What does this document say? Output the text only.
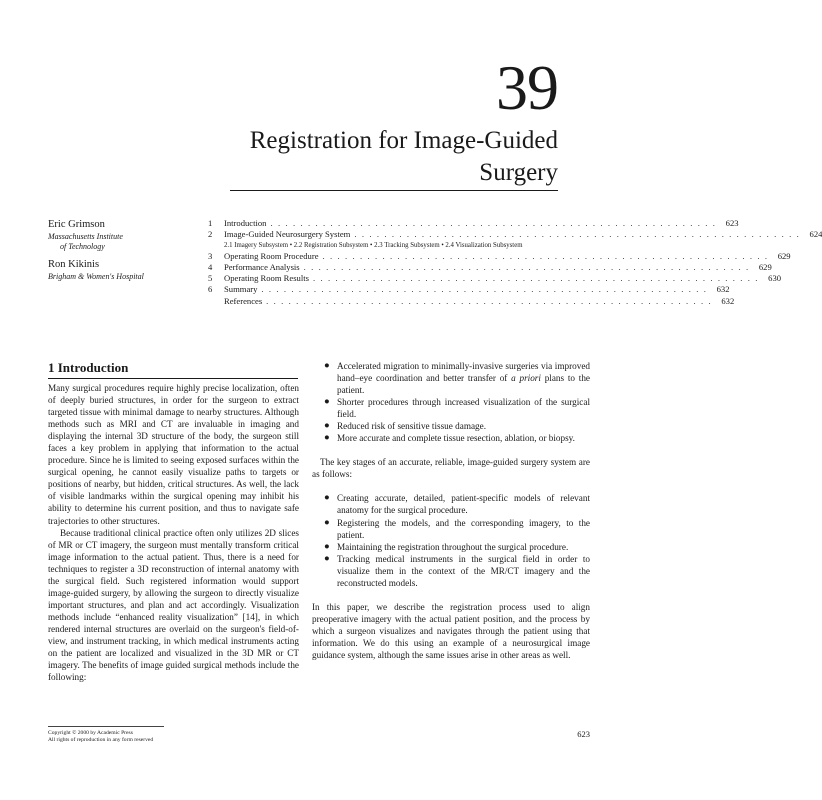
39
Registration for Image-Guided
Surgery
Eric Grimson
Massachusetts Institute
of Technology
Ron Kikinis
Brigham & Women's Hospital
1	Introduction . . . . . . . . . . . . . . . . . . . . . . . . . . . . . . . . . . . . . . . . . . . . . . . . . . . . . . . . . . . .	623
2	Image-Guided Neurosurgery System . . . . . . . . . . . . . . . . . . . . . . . . . . . . . . . . . . . . . . . . . . . . . . . . . . . . . . . . . . . .	624
2.1 Imagery Subsystem • 2.2 Registration Subsystem • 2.3 Tracking Subsystem • 2.4 Visualization Subsystem
3	Operating Room Procedure . . . . . . . . . . . . . . . . . . . . . . . . . . . . . . . . . . . . . . . . . . . . . . . . . . . . . . . . . . . .	629
4	Performance Analysis . . . . . . . . . . . . . . . . . . . . . . . . . . . . . . . . . . . . . . . . . . . . . . . . . . . . . . . . . . . .	629
5	Operating Room Results . . . . . . . . . . . . . . . . . . . . . . . . . . . . . . . . . . . . . . . . . . . . . . . . . . . . . . . . . . . .	630
6	Summary . . . . . . . . . . . . . . . . . . . . . . . . . . . . . . . . . . . . . . . . . . . . . . . . . . . . . . . . . . . .	632
References . . . . . . . . . . . . . . . . . . . . . . . . . . . . . . . . . . . . . . . . . . . . . . . . . . . . . . . . . . . .	632
1 Introduction

Many surgical procedures require highly precise localization, often of deeply buried structures, in order for the surgeon to extract targeted tissue with minimal damage to nearby structures. Although methods such as MRI and CT are invaluable in imaging and displaying the internal 3D structure of the body, the surgeon still faces a key problem in applying that information to the actual procedure. Since he is limited to seeing exposed surfaces within the surgical opening, he cannot easily visualize paths to targets or positions of nearby, but hidden, critical structures. As well, the lack of visible landmarks within the surgical opening may inhibit his ability to determine his current position, and thus to navigate safe trajectories to other structures.

Because traditional clinical practice often only utilizes 2D slices of MR or CT imagery, the surgeon must mentally transform critical image information to the actual patient. Thus, there is a need for techniques to register a 3D reconstruction of internal anatomy with the surgical field. Such registered information would support image-guided surgery, by allowing the surgeon to directly visualize important structures, and plan and act accordingly. Visualization methods include “enhanced reality visualization” [14], in which rendered internal structures are overlaid on the surgeon's field-of-view, and instrument tracking, in which medical instruments acting on the patient are localized and visualized in the 3D MR or CT imagery. The benefits of image guided surgical methods include the following:

● Accelerated migration to minimally-invasive surgeries via improved hand–eye coordination and better transfer of a priori plans to the patient.
● Shorter procedures through increased visualization of the surgical field.
● Reduced risk of sensitive tissue damage.
● More accurate and complete tissue resection, ablation, or biopsy.

The key stages of an accurate, reliable, image-guided surgery system are as follows:

● Creating accurate, detailed, patient-specific models of relevant anatomy for the surgical procedure.
● Registering the models, and the corresponding imagery, to the patient.
● Maintaining the registration throughout the surgical procedure.
● Tracking medical instruments in the surgical field in order to visualize them in the context of the MR/CT imagery and the reconstructed models.

In this paper, we describe the registration process used to align preoperative imagery with the actual patient position, and the process by which a surgeon visualizes and navigates through the patient using that information. We do this using an example of a neurosurgical image guidance system, although the same issues arise in other areas as well.

Copyright © 2000 by Academic Press
All rights of reproduction in any form reserved
623
